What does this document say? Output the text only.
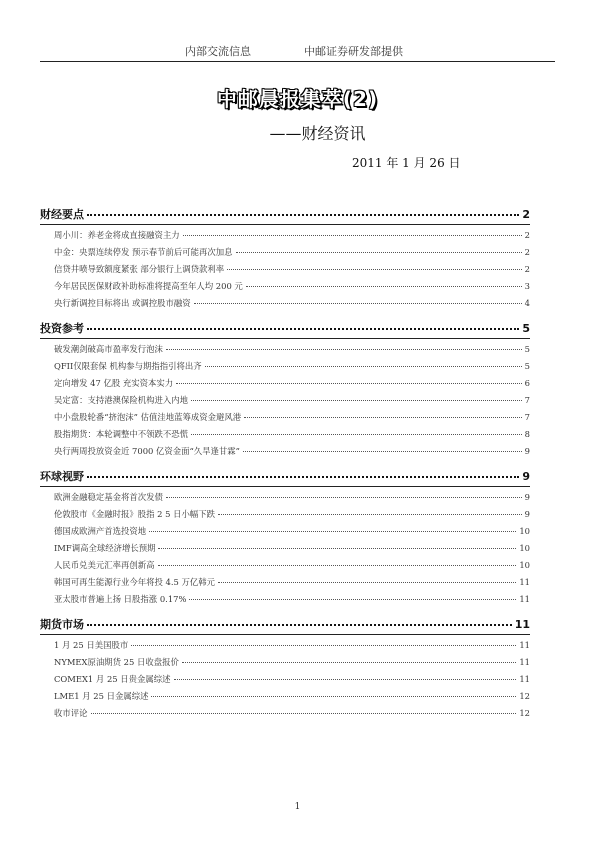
内部交流信息	中邮证券研发部提供
中邮晨报集萃(2)
——财经资讯
2011 年 1 月 26 日
财经要点	2
周小川：养老金将成直接融资主力	2
中金：央票连续停发 预示春节前后可能再次加息	2
信贷井喷导致额度紧张 部分银行上调贷款利率	2
今年居民医保财政补助标准将提高至年人均 200 元	3
央行新调控目标将出 或调控股市融资	4
投资参考	5
破发潮剑破高市盈率发行泡沫	5
QFII仅限套保 机构参与期指指引将出齐	5
定向增发 47 亿股 充实资本实力	6
吴定富：支持港澳保险机构进入内地	7
中小盘股轮番“挤泡沫” 估值洼地蓝筹成资金避风港	7
股指期货：本轮调整中不领跌不恐慌	8
央行两周投放资金近 7000 亿资金面“久旱逢甘霖”	9
环球视野	9
欧洲金融稳定基金将首次发债	9
伦敦股市《金融时报》股指 2 5 日小幅下跌	9
德国成欧洲产首选投资地	10
IMF调高全球经济增长预期	10
人民币兑美元汇率再创新高	10
韩国可再生能源行业今年将投 4.5 万亿韩元	11
亚太股市普遍上扬 日股指涨 0.17%	11
期货市场	11
1 月 25 日美国股市	11
NYMEX原油期货 25 日收盘报价	11
COMEX1 月 25 日贵金属综述	11
LME1 月 25 日金属综述	12
收市评论	12
1
